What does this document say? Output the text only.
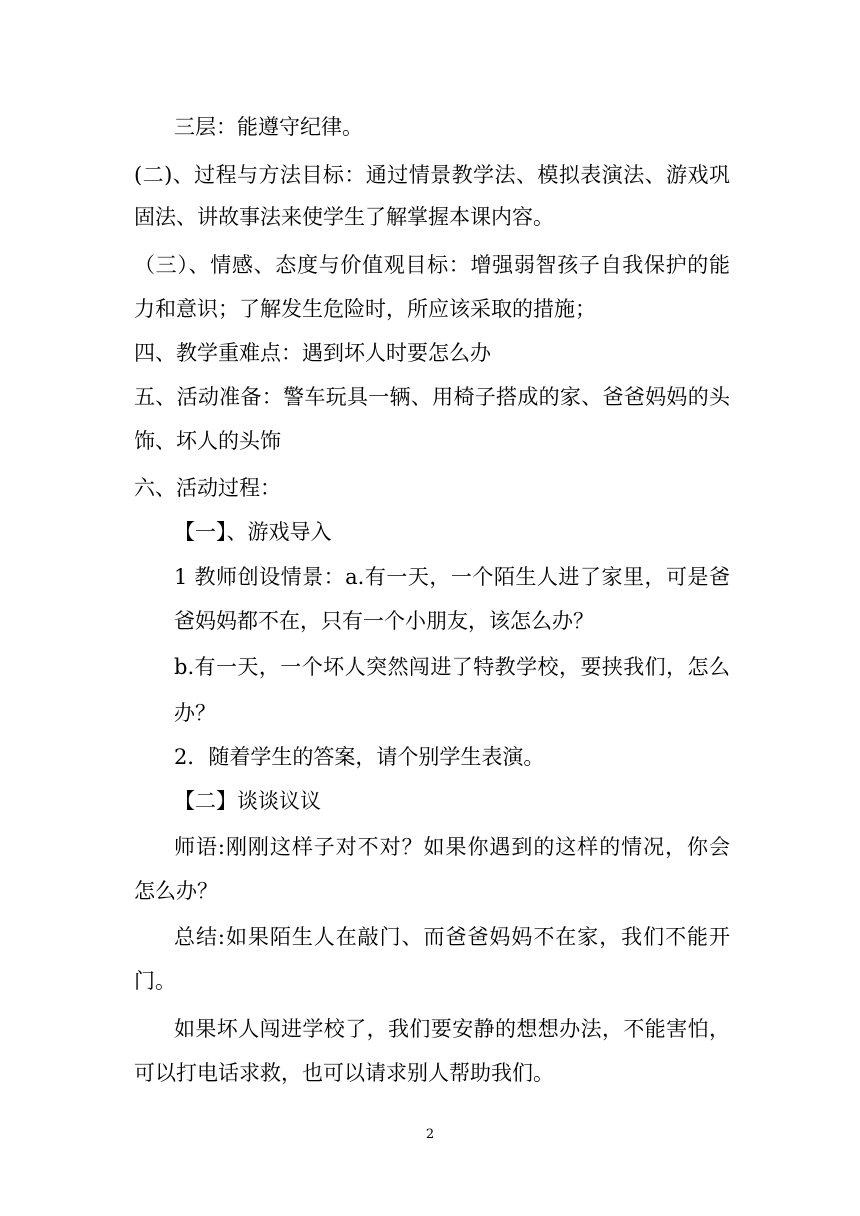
三层：能遵守纪律。
(二)、过程与方法目标：通过情景教学法、模拟表演法、游戏巩
固法、讲故事法来使学生了解掌握本课内容。
（三）、情感、态度与价值观目标：增强弱智孩子自我保护的能
力和意识；了解发生危险时，所应该采取的措施；
四、教学重难点：遇到坏人时要怎么办
五、活动准备：警车玩具一辆、用椅子搭成的家、爸爸妈妈的头
饰、坏人的头饰
六、活动过程：
【一】、游戏导入
1 教师创设情景：a.有一天，一个陌生人进了家里，可是爸
爸妈妈都不在，只有一个小朋友，该怎么办？
b.有一天，一个坏人突然闯进了特教学校，要挟我们，怎么
办？
2．随着学生的答案，请个别学生表演。
【二】谈谈议议
师语:刚刚这样子对不对？如果你遇到的这样的情况，你会
怎么办？
总结:如果陌生人在敲门、而爸爸妈妈不在家，我们不能开
门。
如果坏人闯进学校了，我们要安静的想想办法，不能害怕，
可以打电话求救，也可以请求别人帮助我们。
2
